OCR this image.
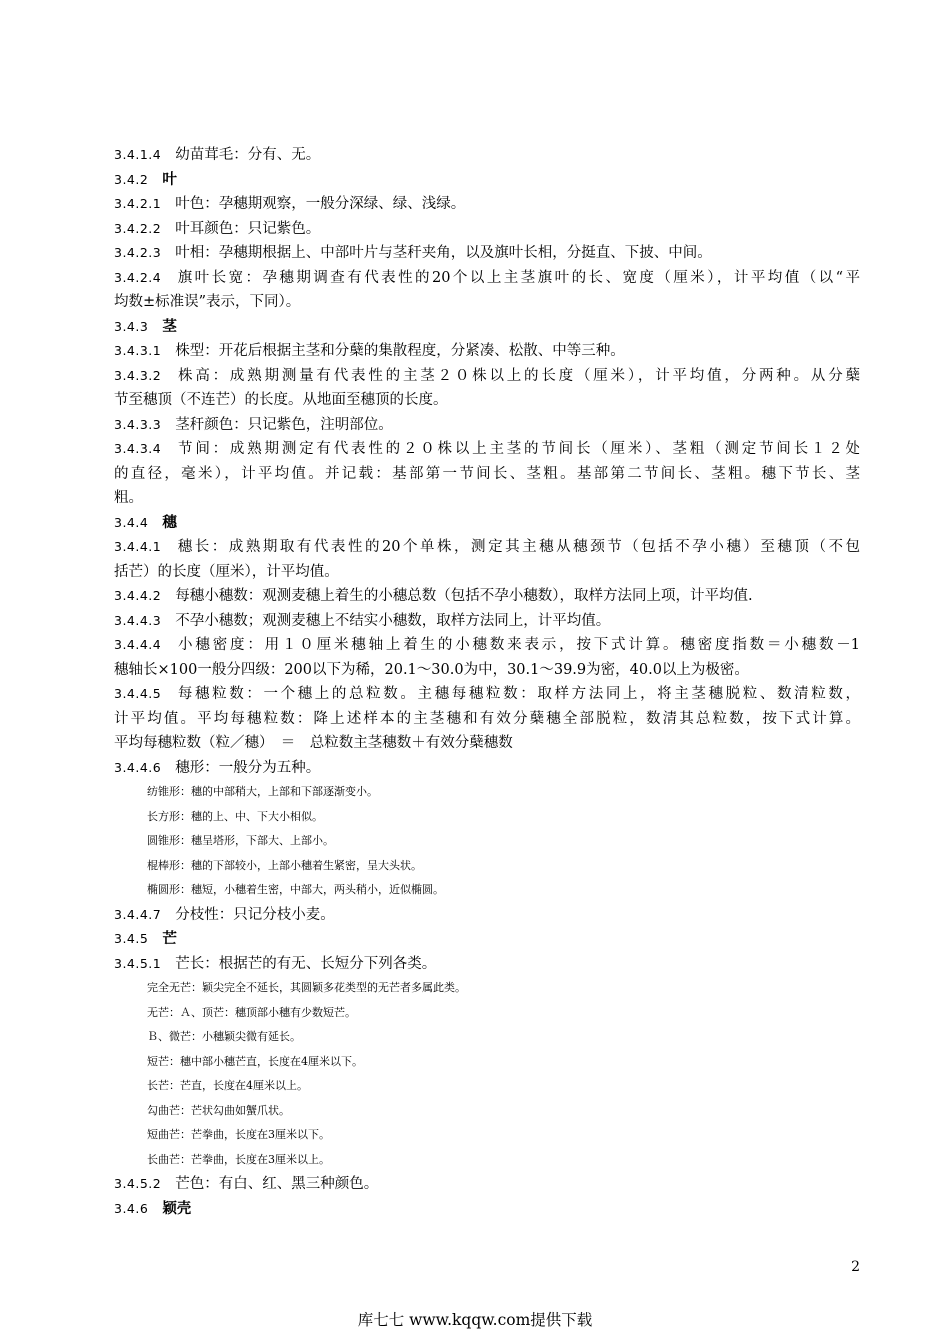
3.4.1.4 幼苗茸毛：分有、无。
3.4.2 叶
3.4.2.1 叶色：孕穗期观察，一般分深绿、绿、浅绿。
3.4.2.2 叶耳颜色：只记紫色。
3.4.2.3 叶相：孕穗期根据上、中部叶片与茎秆夹角，以及旗叶长相，分挺直、下披、中间。
3.4.2.4 旗叶长宽：孕穗期调查有代表性的20个以上主茎旗叶的长、宽度（厘米），计平均值（以“平
均数±标准误”表示，下同）。
3.4.3 茎
3.4.3.1 株型：开花后根据主茎和分蘖的集散程度，分紧凑、松散、中等三种。
3.4.3.2 株高：成熟期测量有代表性的主茎２０株以上的长度（厘米），计平均值，分两种。从分蘖
节至穗顶（不连芒）的长度。从地面至穗顶的长度。
3.4.3.3 茎秆颜色：只记紫色，注明部位。
3.4.3.4 节间：成熟期测定有代表性的２０株以上主茎的节间长（厘米）、茎粗（测定节间长１２处
的直径，毫米），计平均值。并记载：基部第一节间长、茎粗。基部第二节间长、茎粗。穗下节长、茎
粗。
3.4.4 穗
3.4.4.1 穗长：成熟期取有代表性的20个单株，测定其主穗从穗颈节（包括不孕小穗）至穗顶（不包
括芒）的长度（厘米），计平均值。
3.4.4.2 每穗小穗数：观测麦穗上着生的小穗总数（包括不孕小穗数），取样方法同上项，计平均值.
3.4.4.3 不孕小穗数；观测麦穗上不结实小穗数，取样方法同上，计平均值。
3.4.4.4 小穗密度：用１０厘米穗轴上着生的小穗数来表示，按下式计算。穗密度指数＝小穗数－1
穗轴长×100一般分四级：200以下为稀，20.1～30.0为中，30.1～39.9为密，40.0以上为极密。
3.4.4.5 每穗粒数：一个穗上的总粒数。主穗每穗粒数：取样方法同上，将主茎穗脱粒、数清粒数，
计平均值。平均每穗粒数：降上述样本的主茎穗和有效分蘖穗全部脱粒，数清其总粒数，按下式计算。
平均每穗粒数（粒／穗）　＝　总粒数主茎穗数＋有效分蘖穗数
3.4.4.6 穗形：一般分为五种。
纺锥形：穗的中部稍大，上部和下部逐渐变小。
长方形：穗的上、中、下大小相似。
圆锥形：穗呈塔形，下部大、上部小。
棍棒形：穗的下部较小，上部小穗着生紧密，呈大头状。
椭圆形：穗短，小穗着生密，中部大，两头稍小，近似椭圆。
3.4.4.7 分枝性：只记分枝小麦。
3.4.5 芒
3.4.5.1 芒长：根据芒的有无、长短分下列各类。
完全无芒：颖尖完全不延长，其圆颖多花类型的无芒者多属此类。
无芒：Ａ、顶芒：穗顶部小穗有少数短芒。
Ｂ、微芒：小穗颖尖微有延长。
短芒：穗中部小穗芒直，长度在4厘米以下。
长芒：芒直，长度在4厘米以上。
勾曲芒：芒状勾曲如蟹爪状。
短曲芒：芒拳曲，长度在3厘米以下。
长曲芒：芒拳曲，长度在3厘米以上。
3.4.5.2 芒色：有白、红、黑三种颜色。
3.4.6 颖壳
2
库七七 www.kqqw.com提供下载
